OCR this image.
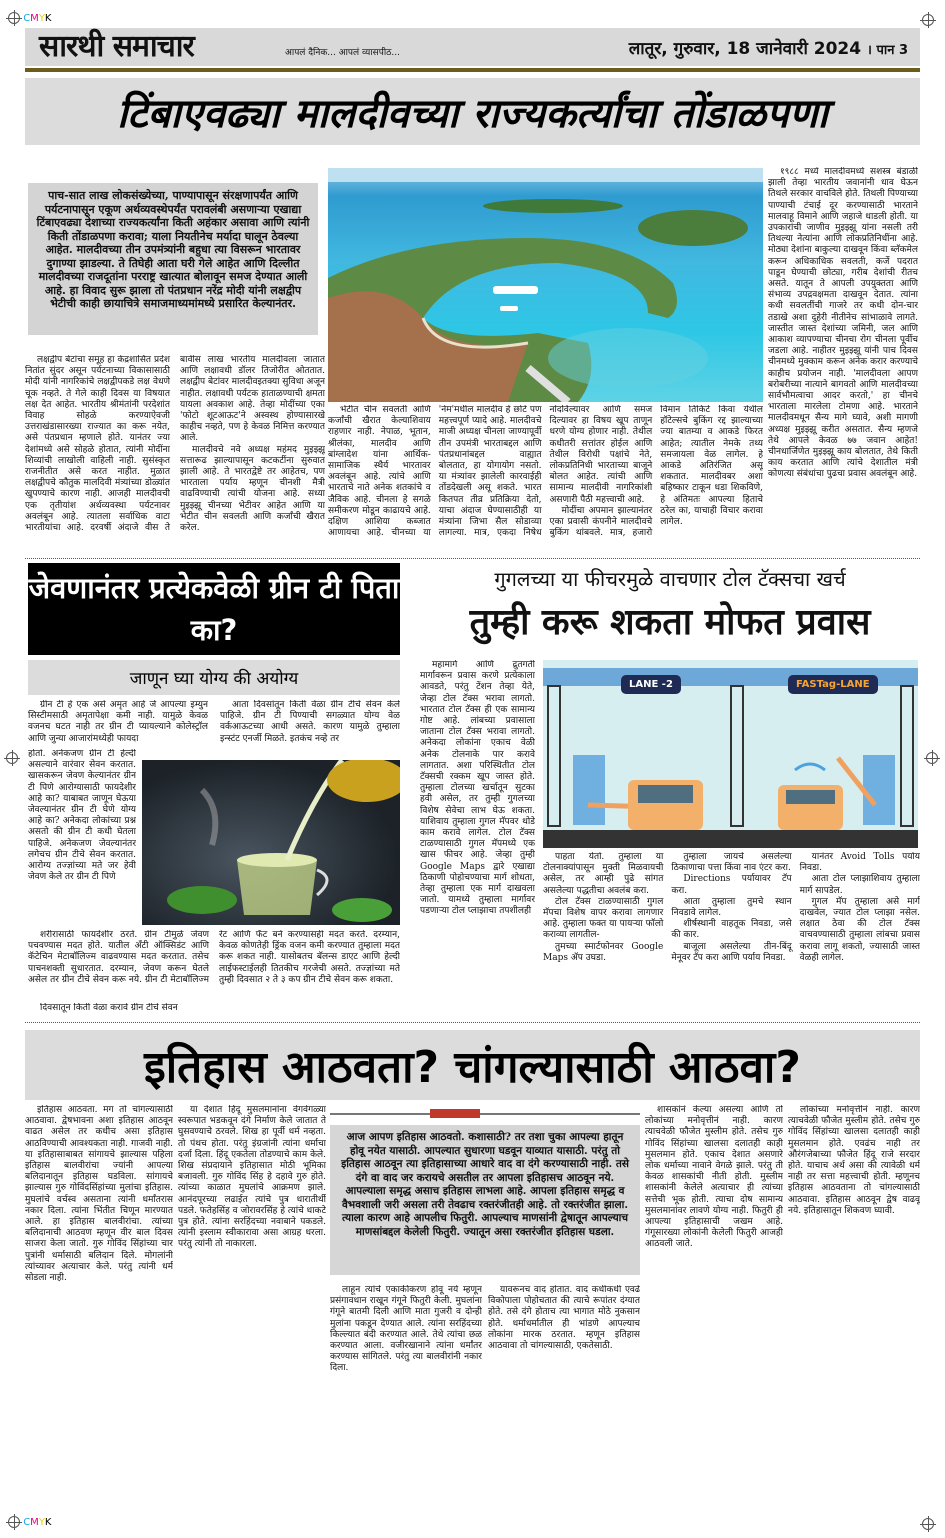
CMYK
सारथी समाचार	आपलं दैनिक... आपलं व्यासपीठ...	लातूर, गुरुवार, 18 जानेवारी 2024 । पान 3
टिंबाएवढ्या मालदीवच्या राज्यकर्त्यांचा तोंडाळपणा
पाच-सात लाख लोकसंख्येच्या, पाण्यापासून संरक्षणापर्यंत आणि पर्यटनापासून एकूण अर्थव्यवस्थेपर्यंत परावलंबी असणाऱ्या एखाद्या टिंबाएवढ्या देशाच्या राज्यकर्त्यांना किती अहंकार असावा आणि त्यांनी किती तोंडाळपणा करावा; याला नियतीनेच मर्यादा घालून ठेवल्या आहेत. मालदीवच्या तीन उपमंत्र्यांनी बहुधा त्या विसरून भारतावर दुगाण्या झाडल्या. ते तिघेही आता घरी गेले आहेत आणि दिल्लीत मालदीवच्या राजदूतांना परराष्ट्र खात्यात बोलावून समज देण्यात आली आहे. हा विवाद सुरू झाला तो पंतप्रधान नरेंद्र मोदी यांनी लक्षद्वीप भेटीची काही छायाचित्रे समाजमाध्यमांमध्ये प्रसारित केल्यानंतर.

लक्षद्वीप बेटांचा समूह हा केंद्रशासित प्रदेश नितांत सुंदर असून पर्यटनाच्या विकासासाठी मोदी यांनी नागरिकांचे लक्षद्वीपकडे लक्ष वेधणे चूक नव्हते. ते गेले काही दिवस या विषयात लक्ष देत आहेत. भारतीय श्रीमंतांनी परदेशांत विवाह सोहळे करण्याऐवजी उत्तराखंडासारख्या राज्यात का करू नयेत, असे पंतप्रधान म्हणाले होते. यानंतर ज्या देशांमध्ये असे सोहळे होतात, त्यांनी मोदींना शिव्यांची लाखोली वाहिली नाही. सुसंस्कृत राजनीतीत असे करत नाहीत. मुळात लक्षद्वीपचे कौतुक मालदिवी मंत्र्यांच्या डोळ्यांत खुपण्याचे कारण नाही. आजही मालदीवची एक तृतीयांश अर्थव्यवस्था पर्यटनावर अवलंबून आहे. त्यातला सर्वाधिक वाटा भारतीयांचा आहे. दरवर्षी अंदाजे वीस ते बावीस लाख भारतीय मालदीवला जातात आणि लक्षावधी डॉलर तिजोरीत ओततात. लक्षद्वीप बेटांवर मालदीवइतक्या सुविधा अजून नाहीत. लक्षावधी पर्यटक हाताळण्याची क्षमता यायला अवकाश आहे. तेव्हा मोदींच्या एका 'फोटो शूटआऊट'ने अस्वस्थ होण्यासारखे काहीच नव्हते, पण हे केवळ निमित्त करण्यात आले.

मालदीवचे नवे अध्यक्ष महंमद मुइझ्झू सत्तारूढ झाल्यापासून कटकटींना सुरुवात झाली आहे. ते भारतद्वेष्टे तर आहेतच, पण भारताला पर्याय म्हणून चीनशी मैत्री वाढविण्याची त्यांची योजना आहे. सध्या मुइझ्झू चीनच्या भेटीवर आहेत आणि या भेटीत चीन सवलती आणि कर्जांची खैरात करेल.

भेटीत चीन सवलती आणि कर्जांची खैरात केल्याशिवाय राहणार नाही. नेपाळ, भूतान, श्रीलंका, मालदीव आणि बांग्लादेश यांना आर्थिक-सामाजिक स्थैर्य भारतावर अवलंबून आहे. त्यांचे आणि भारताचे नाते अनेक शतकांचे व जैविक आहे. चीनला हे सगळे समीकरण मोडून काढायचे आहे. दक्षिण आशिया कब्जात आणायचा आहे. चीनच्या या 'नेम'मधील मालदीव हे छोटे पण महत्त्वपूर्ण प्यादे आहे. मालदीवचे माजी अध्यक्ष चीनला जाण्यापूर्वी तीन उपमंत्री भारताबद्दल आणि पंतप्रधानांबद्दल वाह्यात बोलतात, हा योगायोग नसतो. या मंत्र्यांवर झालेली कारवाईही तोंडदेखली असू शकते. भारत कितपत तीव्र प्रतिक्रिया देतो, याचा अंदाज घेण्यासाठीही या मंत्र्यांना जिभा सैल सोडाव्या लागल्या. मात्र, एकदा निषेध नोंदविल्यावर आणि समज दिल्यावर हा विषय खूप ताणून धरणे योग्य होणार नाही. तेथील कधीतरी सत्तांतर होईल आणि तेथील विरोधी पक्षांचे नेते, लोकप्रतिनिधी भारताच्या बाजूने बोलत आहेत. त्यांची आणि सामान्य मालदीवी नागरिकांशी असणारी पैठी महत्त्वाची आहे.

मोदींचा अपमान झाल्यानंतर एका प्रवासी कंपनीने मालदीवचे बुकिंग थांबवले. मात्र, हजारो विमान तिकिटे किंवा येथील हॉटेल्सचे बुकिंग रद्द झाल्याच्या ज्या बातम्या व आकडे फिरत आहेत; त्यातील नेमके तथ्य समजायला वेळ लागेल. हे आकडे अतिरंजित असू शकतात. मालदीवबर अशा बहिष्कार टाकून धडा शिकविणे, हे अंतिमतः आपल्या हिताचे ठरेल का, याचाही विचार करावा लागेल.

१९८८ मध्ये मालदीवमध्ये सशस्त्र बंडाळी झाली तेव्हा भारतीय जवानांनी धाव घेऊन तिथले सरकार वाचविले होते. तिथली पिण्याच्या पाण्याची टंचाई दूर करण्यासाठी भारताने मालवाहू विमाने आणि जहाजे धाडली होती. या उपकारांची जाणीव मुइझ्झू यांना नसली तरी तिथल्या नेत्यांना आणि लोकप्रतिनिधींना आहे. मोठ्या देशांना बाकुल्या दाखवून किंवा ब्लॅकमेल करून अधिकाधिक सवलती, कर्जे पदरात पाडून घेण्याची छोट्या, गरीब देशांची रीतच असते. यातून ते आपली उपयुक्तता आणि संभाव्य उपद्रवक्षमता दाखवून देतात. त्यांना कधी सवलतींची गाजरे तर कधी दोन-चार तडाखे अशा दुहेरी नीतीनेच सांभाळावे लागते. जास्तीत जास्त देशांच्या जमिनी, जल आणि आकाश व्यापण्याचा चीनचा रोग चीनला पूर्वीच जडला आहे. नाहीतर मुइझ्झू यांनी पाच दिवस चीनमध्ये मुक्काम करून अनेक करार करण्याचे काहीच प्रयोजन नाही. 'मालदीवला आपण बरोबरीच्या नात्याने बागवतो आणि मालदीवच्या सार्वभौमत्वाचा आदर करतो,' हा चीनचे भारताला मारलेला टोमणा आहे. भारताने मालदीवमधून सैन्य मागे घ्यावे, अशी मागणी अध्यक्ष मुइझ्झू करीत असतात. सैन्य म्हणजे तेथे आपले केवळ ७७ जवान आहेत! चीनधार्जिणेत मुइझ्झू काय बोलतात, तेथे किती काय करतात आणि त्यांचे देशातील मंत्री कोणत्या संबंधांचा पुढचा प्रवास अवलंबून आहे.

जेवणानंतर प्रत्येकवेळी ग्रीन टी पिता का?
जाणून घ्या योग्य की अयोग्य

ग्रीन टी हे एक असे अमृत आहे जे आपल्या इम्युन सिस्टीमसाठी अमृतापेक्षा कमी नाही. यामुळे केवळ वजनच घटत नाही तर ग्रीन टी प्यायल्याने कोलेस्ट्रॉल आणि जुन्या आजारांमध्येही फायदा

आता दिवसांतून किती वेळा ग्रीन टीचे सेवन केले पाहिजे. ग्रीन टी पिण्याची सगळ्यात योग्य वेळ वर्कआऊटच्या आधी असते. कारण यामुळे तुम्हाला इन्स्टंट एनर्जी मिळते. इतकंच नव्हे तर

होतो. अनेकजण ग्रीन टी हेल्दी असल्याने वारंवार सेवन करतात. खासकरून जेवण केल्यानंतर ग्रीन टी पिणे आरोग्यासाठी फायदेशीर आहे का? याबाबत जाणून घेऊया जेवल्यानंतर ग्रीन टी घेणे योग्य आहे का? अनेकदा लोकांच्या प्रश्न असतो की ग्रीन टी कधी घेतला पाहिजे. अनेकजण जेवल्यानंतर लगेचच ग्रीन टीचे सेवन करतात. आरोग्य तज्ज्ञांच्या मते जर हेवी जेवण केले तर ग्रीन टी पिणे

शरीरासाठी फायदेशीर ठरते. ग्रीन टीमुळे जेवण पचवण्यास मदत होते. यातील अँटी ऑक्सिडंट आणि कॅटेचिन मेटाबॉलिज्म वाढवण्यास मदत करतात. तसेच पाचनशक्ती सुधारतात. दरम्यान, जेवण करून घेतले असेल तर ग्रीन टीचे सेवन करू नये. ग्रीन टी मेटाबॉलिज्म रेट आणि फॅट बर्न करण्यासही मदत करते. दरम्यान, केवळ कोणतेही ड्रिंक वजन कमी करण्यात तुम्हाला मदत करू शकत नाही. यासोबतच बॅलन्स डाएट आणि हेल्दी लाईफस्टाईलही तितकीच गरजेची असते. तज्ज्ञांच्या मते तुम्ही दिवसात २ ते ३ कप ग्रीन टीचे सेवन करू शकता.

दिवसातून किती वेळा करावे ग्रीन टीचे सेवन

गुगलच्या या फीचरमुळे वाचणार टोल टॅक्सचा खर्च
तुम्ही करू शकता मोफत प्रवास

महामार्ग आणि द्रुतगती मार्गावरून प्रवास करणे प्रत्येकाला आवडते, परंतु टेंशन तेव्हा येते, जेव्हा टोल टॅक्स भरावा लागतो. भारतात टोल टॅक्स ही एक सामान्य गोष्ट आहे. लांबच्या प्रवासाला जाताना टोल टॅक्स भरावा लागतो. अनेकदा लोकांना एकाच वेळी अनेक टोलनाके पार करावे लागतात. अशा परिस्थितीत टोल टॅक्सची रक्कम खूप जास्त होते. तुम्हाला टोलच्या खर्चातून सुटका हवी असेल, तर तुम्ही गुगलच्या विशेष सेवेचा लाभ घेऊ शकता. याशिवाय तुम्हाला गुगल मॅपवर थोडे काम करावे लागेल. टोल टॅक्स टाळण्यासाठी गुगल मॅपमध्ये एक खास फीचर आहे. जेव्हा तुम्ही Google Maps द्वारे एखाद्या ठिकाणी पोहोचण्याचा मार्ग शोधता, तेव्हा तुम्हाला एक मार्ग दाखवला जातो. यामध्ये तुम्हाला मार्गावर पडणाऱ्या टोल प्लाझाचा तपशीलही

LANE -2	FASTag-LANE

पाहता येतो. तुम्हाला या टोलनाक्यांपासून मुक्ती मिळवायची असेल, तर आम्ही पुढे सांगत असलेल्या पद्धतीचा अवलंब करा.

टोल टॅक्स टाळण्यासाठी गुगल मॅपचा विशेष वापर करावा लागणार आहे. तुम्हाला फक्त या पायऱ्या फॉलो कराव्या लागतील-

तुमच्या स्मार्टफोनवर Google Maps ॲप उघडा.

तुम्हाला जायचे असलेल्या ठिकाणाचा पत्ता किंवा नाव एंटर करा.

Directions पर्यायावर टॅप करा.

आता तुम्हाला तुमचे स्थान निवडावे लागेल.

शीर्षस्थानी वाहतूक निवडा, जसे की कार.

बाजूला असलेल्या तीन-बिंदू मेनूवर टॅप करा आणि पर्याय निवडा.

यानंतर Avoid Tolls पर्याय निवडा.

आता टोल प्लाझाशिवाय तुम्हाला मार्ग सापडेल.

गुगल मॅप तुम्हाला असे मार्ग दाखवेल, ज्यात टोल प्लाझा नसेल. लक्षात ठेवा की टोल टॅक्स वाचवण्यासाठी तुम्हाला लांबचा प्रवास करावा लागू शकतो, ज्यासाठी जास्त वेळही लागेल.

इतिहास आठवता? चांगल्यासाठी आठवा?

इतिहास आठवता. मग तो चांगल्यासाठी आठवावा. द्वेषभावना अशा इतिहास आठवून वाढत असेल तर कधीच असा इतिहास आठविण्याची आवश्यकता नाही. गाजवी नाही. या इतिहासाबाबत सांगायचे झाल्यास पहिला इतिहास बालवीरांचा ज्यांनी आपल्या बलिदानातून इतिहास घडविला. सांगायचे झाल्यास गुरु गोविंदसिंहांच्या मुलांचा इतिहास. मुघलांचे वर्चस्व असताना त्यांनी धर्मांतरास नकार दिला. त्यांना भिंतीत चिणून मारण्यात आले. हा इतिहास बालवीरांचा. त्यांच्या बलिदानाची आठवण म्हणून वीर बाल दिवस साजरा केला जातो. गुरु गोविंद सिंहांच्या चार पुत्रांनी धर्मासाठी बलिदान दिले. मोगलांनी त्यांच्यावर अत्याचार केले. परंतु त्यांनी धर्म सोडला नाही.

या देशात हिंदू मुसलमानांना वेगवेगळ्या स्वरूपात भडकवून दंगे निर्माण केले जातात ते घुसवण्याचे ठरवले. शिख हा पूर्वी धर्म नव्हता. तो पंथच होता. परंतु इंग्रजांनी त्यांना धर्माचा दर्जा दिला. हिंदू एकतेला तोडण्याचे काम केले. शिख संप्रदायाने इतिहासात मोठी भूमिका बजावली. गुरु गोविंद सिंह हे दहावे गुरु होते. त्यांच्या काळात मुघलांचे आक्रमण झाले. आनंदपूरच्या लढाईत त्यांचे पुत्र धारातीर्थी पडले. फतेहसिंह व जोरावरसिंह हे त्यांचे धाकटे पुत्र होते. त्यांना सरहिंदच्या नवाबाने पकडले. त्यांनी इस्लाम स्वीकारावा असा आग्रह धरला. परंतु त्यांनी तो नाकारला.

आज आपण इतिहास आठवतो. कशासाठी? तर तशा चुका आपल्या हातून होवू नयेत यासाठी. आपल्यात सुधारणा घडवून याव्यात यासाठी. परंतु तो इतिहास आठवून त्या इतिहासाच्या आधारे वाद वा दंगे करण्यासाठी नाही. तसे दंगे वा वाद जर करायचे असतील तर आपला इतिहासच आठवून नये. आपल्याला समृद्ध असाच इतिहास लाभला आहे. आपला इतिहास समृद्ध व वैभवशाली जरी असला तरी तेवढाच रक्तरंजीतही आहे. तो रक्तरंजीत झाला. त्याला कारण आहे आपलीच फितुरी. आपल्याच माणसांनी द्वेषातून आपल्याच माणसांबद्दल केलेली फितुरी. ज्यातून असा रक्तरंजीत इतिहास घडला.

लाहून त्यांचे एकाकीकरण होवू नये म्हणून प्रसंगावधान राखून गंगूने फितुरी केली. मुघलांना गंगूने बातमी दिली आणि माता गुजरी व दोन्ही मुलांना पकडून देण्यात आले. त्यांना सरहिंदच्या किल्ल्यात बंदी करण्यात आले. तेथे त्यांचा छळ करण्यात आला. वजीरखानाने त्यांना धर्मांतर करण्यास सांगितले. परंतु त्या बालवीरांनी नकार दिला.

यावरूनच वाद होतात. वाद कधीकधी एवढे विकोपाला पोहोचतात की त्याचे रूपांतर दंग्यात होते. तसे दंगे होताच त्या भागात मोठे नुकसान होते. धर्माधर्मातील ही भांडणे आपल्याच लोकांना मारक ठरतात. म्हणून इतिहास आठवावा तो चांगल्यासाठी, एकतेसाठी.

शासकांनं केल्या असल्या आणि तो लोकांच्या मनोवृत्तीनं नाही. कारण त्याचवेळी फौजेत मुस्लीम होते. तसेच गुरु गोविंद सिंहांच्या खालसा दलातही काही मुसलमान होते. एकाच देशात असणारे लोक धर्माच्या नावाने वेगळे झाले. परंतु ती केवळ शासकांची नीती होती. मुस्लीम शासकांनी केलेले अत्याचार ही त्यांच्या सत्तेची भूक होती. त्याचा दोष सामान्य मुसलमानांवर लावणे योग्य नाही. फितुरी ही आपल्या इतिहासाची जखम आहे. गंगूसारख्या लोकांनी केलेली फितुरी आजही आठवली जाते.

लोकांच्या मनोवृत्तीनं नाही. कारण त्याचवेळी फौजेत मुस्लीम होते. तसेच गुरु गोविंद सिंहांच्या खालसा दलातही काही मुसलमान होते. एवढंच नाही तर औरंगजेबाच्या फौजेत हिंदू राजे सरदार होते. याचाच अर्थ असा की त्यावेळी धर्म नाही तर सत्ता महत्त्वाची होती. म्हणूनच इतिहास आठवताना तो चांगल्यासाठी आठवावा. इतिहास आठवून द्वेष वाढवू नये. इतिहासातून शिकवण घ्यावी.

CMYK
